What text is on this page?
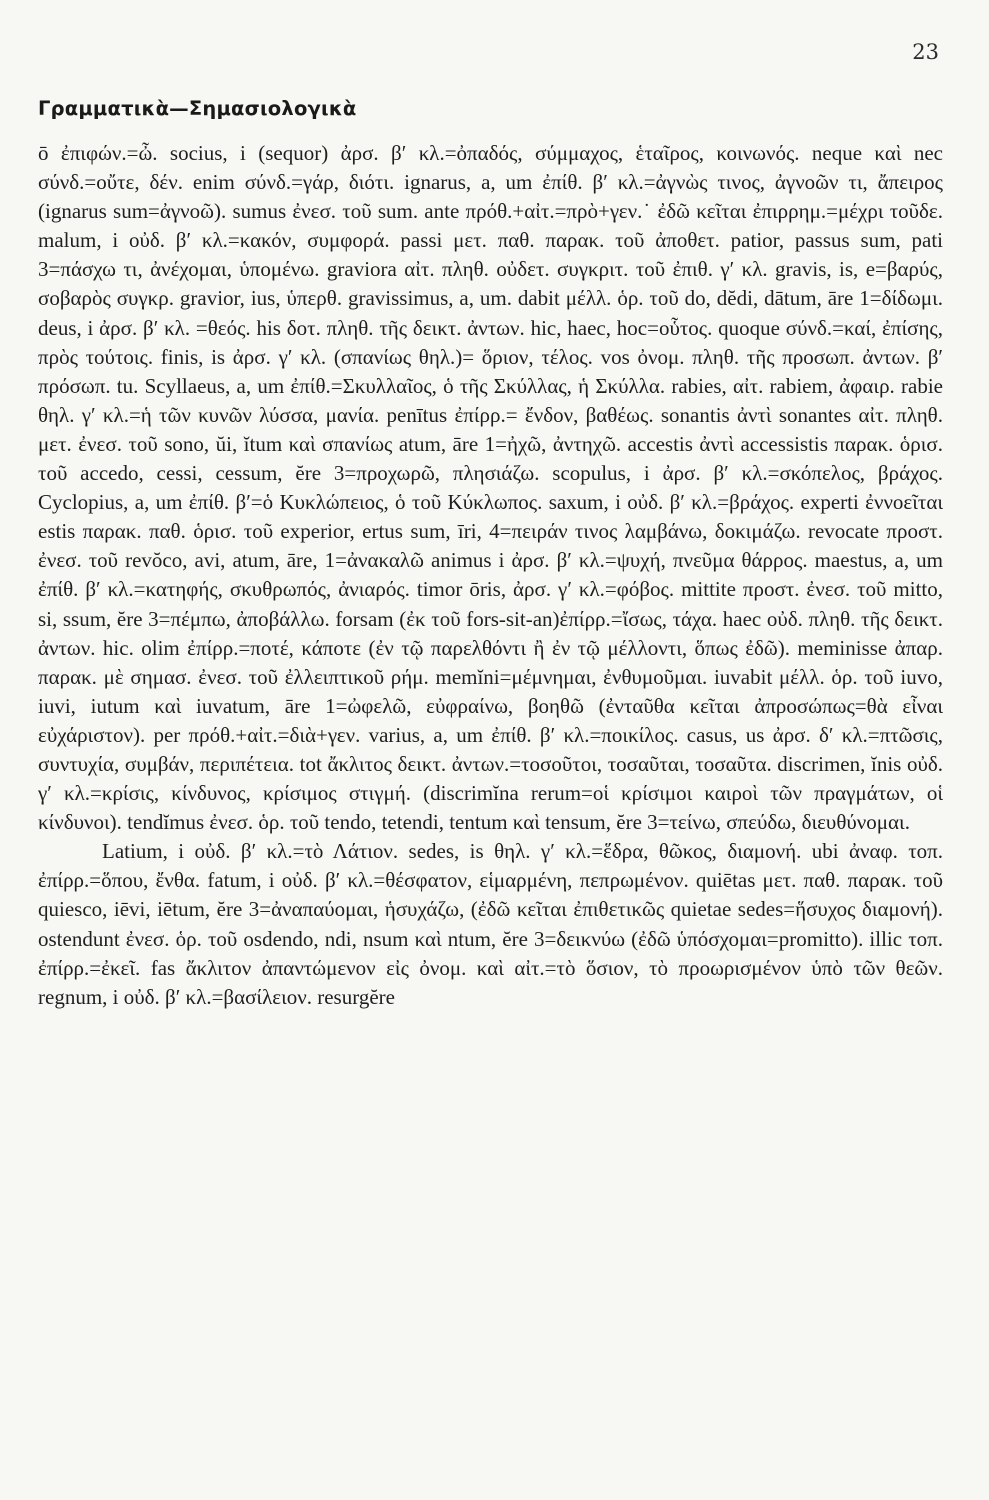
23
Γραμματικὰ—Σημασιολογικὰ

ō ἐπιφών.=ὦ. socius, i (sequor) ἀρσ. β′ κλ.=ὀπαδός, σύμμαχος, ἑταῖρος, κοινωνός. neque καὶ nec σύνδ.=οὔτε, δέν. enim σύνδ.=γάρ, διότι. ignarus, a, um ἐπίθ. β′ κλ.=ἀγνὼς τινος, ἀγνοῶν τι, ἄπειρος (ignarus sum=ἀγνοῶ). sumus ἐνεσ. τοῦ sum. ante πρόθ.+αἰτ.=πρὸ+γεν.˙ ἐδῶ κεῖται ἐπιρρημ.=μέχρι τοῦδε. malum, i οὐδ. β′ κλ.=κακόν, συμφορά. passi μετ. παθ. παρακ. τοῦ ἀποθετ. patior, passus sum, pati 3=πάσχω τι, ἀνέχομαι, ὑπομένω. graviora αἰτ. πληθ. οὐδετ. συγκριτ. τοῦ ἐπιθ. γ′ κλ. gravis, is, e=βαρύς, σοβαρὸς συγκρ. gravior, ius, ὑπερθ. gravissimus, a, um. dabit μέλλ. ὁρ. τοῦ do, dĕdi, dātum, āre 1=δίδωμι. deus, i ἀρσ. β′ κλ. =θεός. his δοτ. πληθ. τῆς δεικτ. ἀντων. hic, haec, hoc=οὗτος. quoque σύνδ.=καί, ἐπίσης, πρὸς τούτοις. finis, is ἀρσ. γ′ κλ. (σπανίως θηλ.)= ὅριον, τέλος. vos ὀνομ. πληθ. τῆς προσωπ. ἀντων. β′ πρόσωπ. tu. Scyllaeus, a, um ἐπίθ.=Σκυλλαῖος, ὁ τῆς Σκύλλας, ἡ Σκύλλα. rabies, αἰτ. rabiem, ἀφαιρ. rabie θηλ. γ′ κλ.=ἡ τῶν κυνῶν λύσσα, μανία. penītus ἐπίρρ.= ἔνδον, βαθέως. sonantis ἀντὶ sonantes αἰτ. πληθ. μετ. ἐνεσ. τοῦ sono, ŭi, ĭtum καὶ σπανίως atum, āre 1=ἠχῶ, ἀντηχῶ. accestis ἀντὶ accessistis παρακ. ὁρισ. τοῦ accedo, cessi, cessum, ĕre 3=προχωρῶ, πλησιάζω. scopulus, i ἀρσ. β′ κλ.=σκόπελος, βράχος. Cyclopius, a, um ἐπίθ. β′=ὁ Κυκλώπειος, ὁ τοῦ Κύκλωπος. saxum, i οὐδ. β′ κλ.=βράχος. experti ἐννοεῖται estis παρακ. παθ. ὁρισ. τοῦ experior, ertus sum, īri, 4=πειράν τινος λαμβάνω, δοκιμάζω. revocate προστ. ἐνεσ. τοῦ revŏco, avi, atum, āre, 1=ἀνακαλῶ animus i ἀρσ. β′ κλ.=ψυχή, πνεῦμα θάρρος. maestus, a, um ἐπίθ. β′ κλ.=κατηφής, σκυθρωπός, ἀνιαρός. timor ōris, ἀρσ. γ′ κλ.=φόβος. mittite προστ. ἐνεσ. τοῦ mitto, si, ssum, ĕre 3=πέμπω, ἀποβάλλω. forsam (ἐκ τοῦ fors-sit-an)ἐπίρρ.=ἴσως, τάχα. haec οὐδ. πληθ. τῆς δεικτ. ἀντων. hic. olim ἐπίρρ.=ποτέ, κάποτε (ἐν τῷ παρελθόντι ἢ ἐν τῷ μέλλοντι, ὅπως ἐδῶ). meminisse ἀπαρ. παρακ. μὲ σημασ. ἐνεσ. τοῦ ἐλλειπτικοῦ ρήμ. memĭni=μέμνημαι, ἐνθυμοῦμαι. iuvabit μέλλ. ὁρ. τοῦ iuvo, iuvi, iutum καὶ iuvatum, āre 1=ὠφελῶ, εὐφραίνω, βοηθῶ (ἐνταῦθα κεῖται ἀπροσώπως=θὰ εἶναι εὐχάριστον). per πρόθ.+αἰτ.=διὰ+γεν. varius, a, um ἐπίθ. β′ κλ.=ποικίλος. casus, us ἀρσ. δ′ κλ.=πτῶσις, συντυχία, συμβάν, περιπέτεια. tot ἄκλιτος δεικτ. ἀντων.=τοσοῦτοι, τοσαῦται, τοσαῦτα. discrimen, ĭnis οὐδ. γ′ κλ.=κρίσις, κίνδυνος, κρίσιμος στιγμή. (discrimĭna rerum=οἱ κρίσιμοι καιροὶ τῶν πραγμάτων, οἱ κίνδυνοι). tendĭmus ἐνεσ. ὁρ. τοῦ tendo, tetendi, tentum καὶ tensum, ĕre 3=τείνω, σπεύδω, διευθύνομαι.

Latium, i οὐδ. β′ κλ.=τὸ Λάτιον. sedes, is θηλ. γ′ κλ.=ἕδρα, θῶκος, διαμονή. ubi ἀναφ. τοπ. ἐπίρρ.=ὅπου, ἔνθα. fatum, i οὐδ. β′ κλ.=θέσφατον, εἱμαρμένη, πεπρωμένον. quiētas μετ. παθ. παρακ. τοῦ quiesco, iēvi, iētum, ĕre 3=ἀναπαύομαι, ἡσυχάζω, (ἐδῶ κεῖται ἐπιθετικῶς quietae sedes=ἥσυχος διαμονή). ostendunt ἐνεσ. ὁρ. τοῦ osdendo, ndi, nsum καὶ ntum, ĕre 3=δεικνύω (ἐδῶ ὑπόσχομαι=promitto). illic τοπ. ἐπίρρ.=ἐκεῖ. fas ἄκλιτον ἀπαντώμενον εἰς ὀνομ. καὶ αἰτ.=τὸ ὅσιον, τὸ προωρισμένον ὑπὸ τῶν θεῶν. regnum, i οὐδ. β′ κλ.=βασίλειον. resurgĕre
